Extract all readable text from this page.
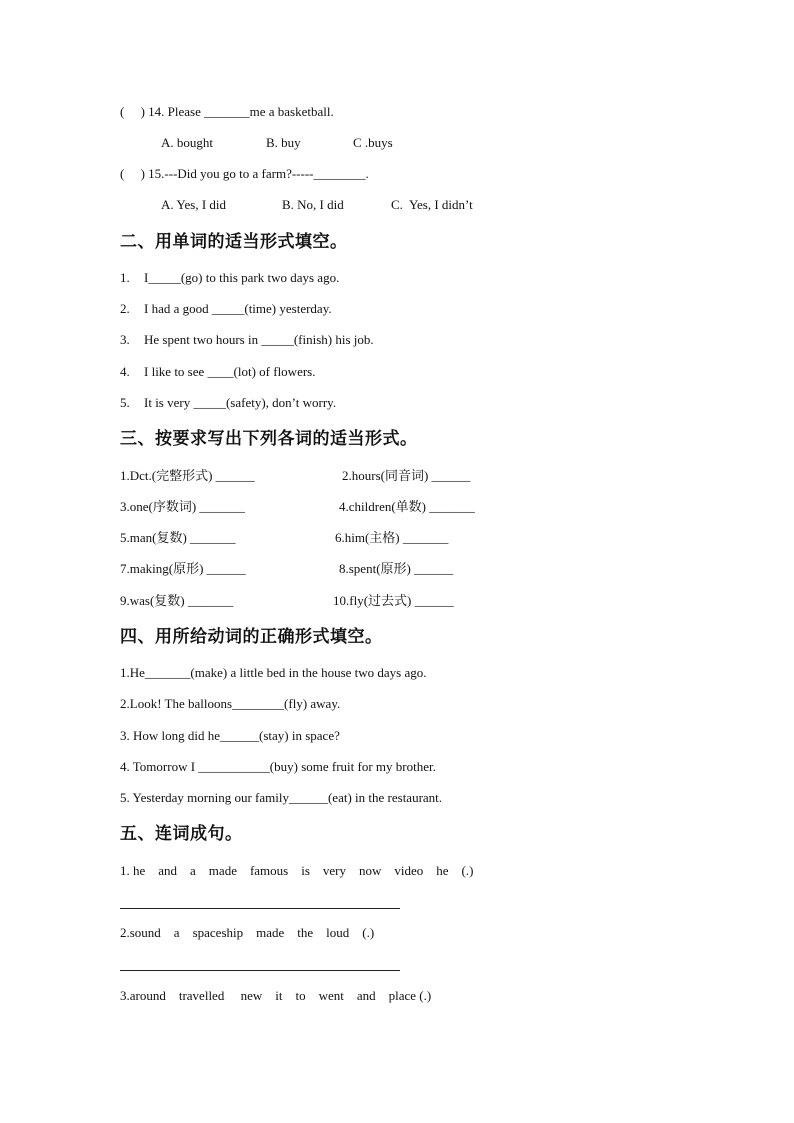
(     ) 14. Please _______me a basketball.
A. bought	B. buy	C .buys
(     ) 15.---Did you go to a farm?-----________.
A. Yes, I did	B. No, I did	C.  Yes, I didn’t
二、用单词的适当形式填空。
1. I_____(go) to this park two days ago.
2. I had a good _____(time) yesterday.
3. He spent two hours in _____(finish) his job.
4. I like to see ____(lot) of flowers.
5. It is very _____(safety), don’t worry.
三、按要求写出下列各词的适当形式。
1.Dct.(完整形式) ______	2.hours(同音词) ______
3.one(序数词) _______	4.children(单数) _______
5.man(复数) _______	6.him(主格) _______
7.making(原形) ______	8.spent(原形) ______
9.was(复数) _______	10.fly(过去式) ______
四、用所给动词的正确形式填空。
1.He_______(make) a little bed in the house two days ago.
2.Look! The balloons________(fly) away.
3. How long did he______(stay) in space?
4. Tomorrow I ___________(buy) some fruit for my brother.
5. Yesterday morning our family______(eat) in the restaurant.
五、连词成句。
1. he    and    a    made    famous    is    very    now    video    he    (.)
2.sound    a    spaceship    made    the    loud    (.)
3.around    travelled     new    it    to    went    and    place (.)
